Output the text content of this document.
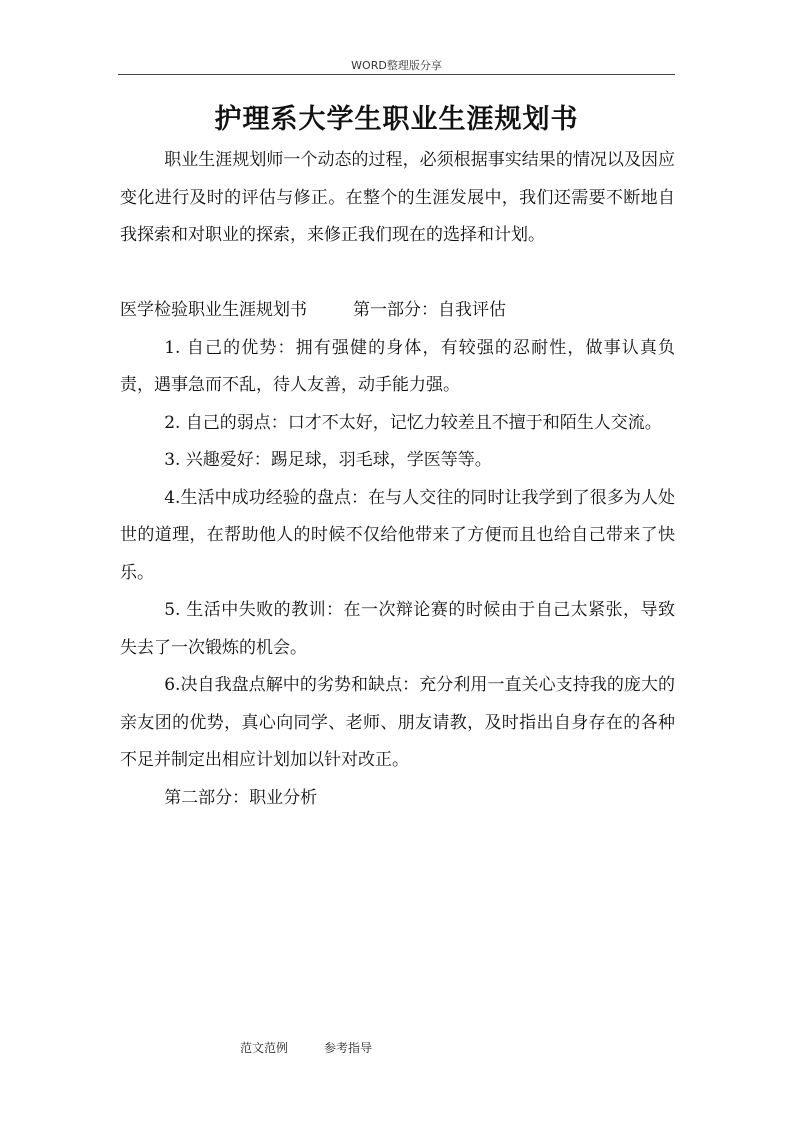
WORD整理版分享
护理系大学生职业生涯规划书

职业生涯规划师一个动态的过程，必须根据事实结果的情况以及因应变化进行及时的评估与修正。在整个的生涯发展中，我们还需要不断地自我探索和对职业的探索，来修正我们现在的选择和计划。

医学检验职业生涯规划书	第一部分：自我评估

1. 自己的优势：拥有强健的身体，有较强的忍耐性，做事认真负责，遇事急而不乱，待人友善，动手能力强。

2. 自己的弱点：口才不太好，记忆力较差且不擅于和陌生人交流。

3. 兴趣爱好：踢足球，羽毛球，学医等等。

4.生活中成功经验的盘点：在与人交往的同时让我学到了很多为人处世的道理，在帮助他人的时候不仅给他带来了方便而且也给自己带来了快乐。

5. 生活中失败的教训：在一次辩论赛的时候由于自己太紧张，导致失去了一次锻炼的机会。

6.决自我盘点解中的劣势和缺点：充分利用一直关心支持我的庞大的亲友团的优势，真心向同学、老师、朋友请教，及时指出自身存在的各种不足并制定出相应计划加以针对改正。

第二部分：职业分析

范文范例	参考指导
